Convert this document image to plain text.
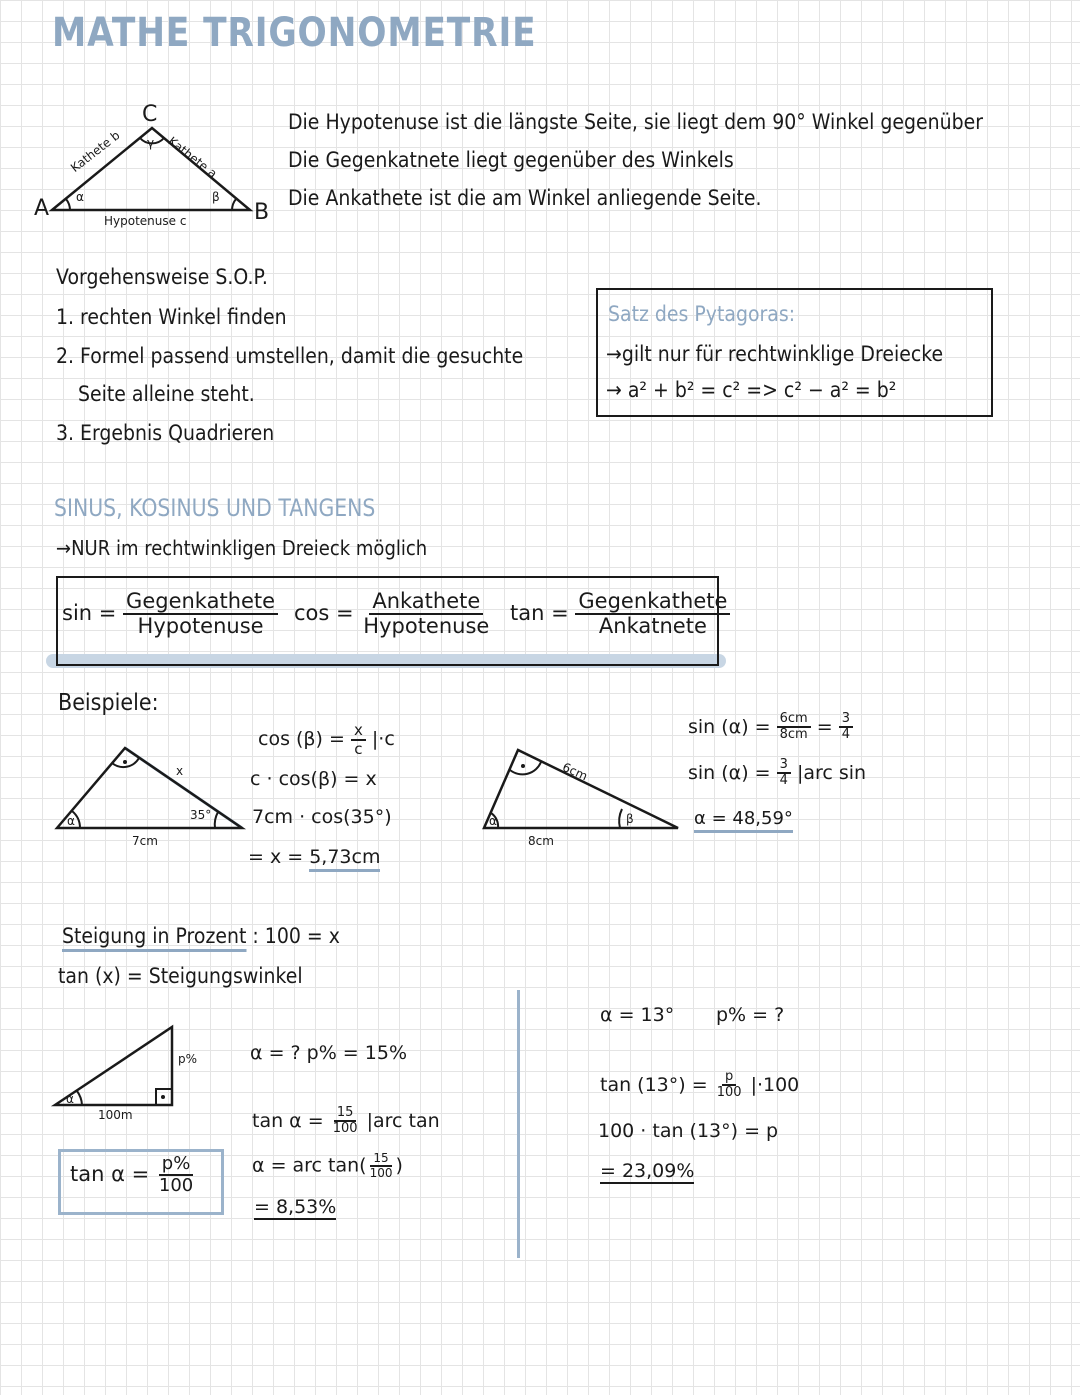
MATHE TRIGONOMETRIE
A	B
C
Kathete b	Kathete a
Hypotenuse c
α	β
γ
Die Hypotenuse ist die längste Seite, sie liegt dem 90° Winkel gegenüber
Die Gegenkatnete liegt gegenüber des Winkels
Die Ankathete ist die am Winkel anliegende Seite.
Vorgehensweise S.O.P.
1. rechten Winkel finden
2. Formel passend umstellen, damit die gesuchte
Seite alleine steht.
3. Ergebnis Quadrieren
Satz des Pytagoras:
→gilt nur für rechtwinklige Dreiecke
→ a² + b² = c² => c² − a² = b²
SINUS, KOSINUS UND TANGENS
→NUR im rechtwinkligen Dreieck möglich
$\sin = \frac{\text{Gegenkathete}}{\text{Hypotenuse}}$ $\cos = \frac{\text{Ankathete}}{\text{Hypotenuse}}$ $\tan = \frac{\text{Gegenkathete}}{\text{Ankatnete}}$
Beispiele:
α	35°
x
7cm
$\cos (\beta) = \frac{x}{c} |\cdot c$
c · cos(β) = x
7cm · cos(35°)
= x = 5,73cm
α	β
6cm
8cm
$\sin (\alpha) = \frac{6cm}{8cm} = \frac{3}{4}$
$\sin (\alpha) = \frac{3}{4} |arc$ sin
α = 48,59°
Steigung in Prozent : 100 = x
tan (x) = Steigungswinkel
p%
α
100m
$\tan \alpha = \frac{p\%}{100}$
α = ? p% = 15%
$\tan \alpha = \frac{15}{100} |arc$ tan
α = arc $\tan( \frac{15}{100}$ )
= 8,53%
α = 13° p% = ?
$\tan (13^\circ) = \frac{p}{100} |\cdot 100$
100 · tan (13°) = p
= 23,09%
